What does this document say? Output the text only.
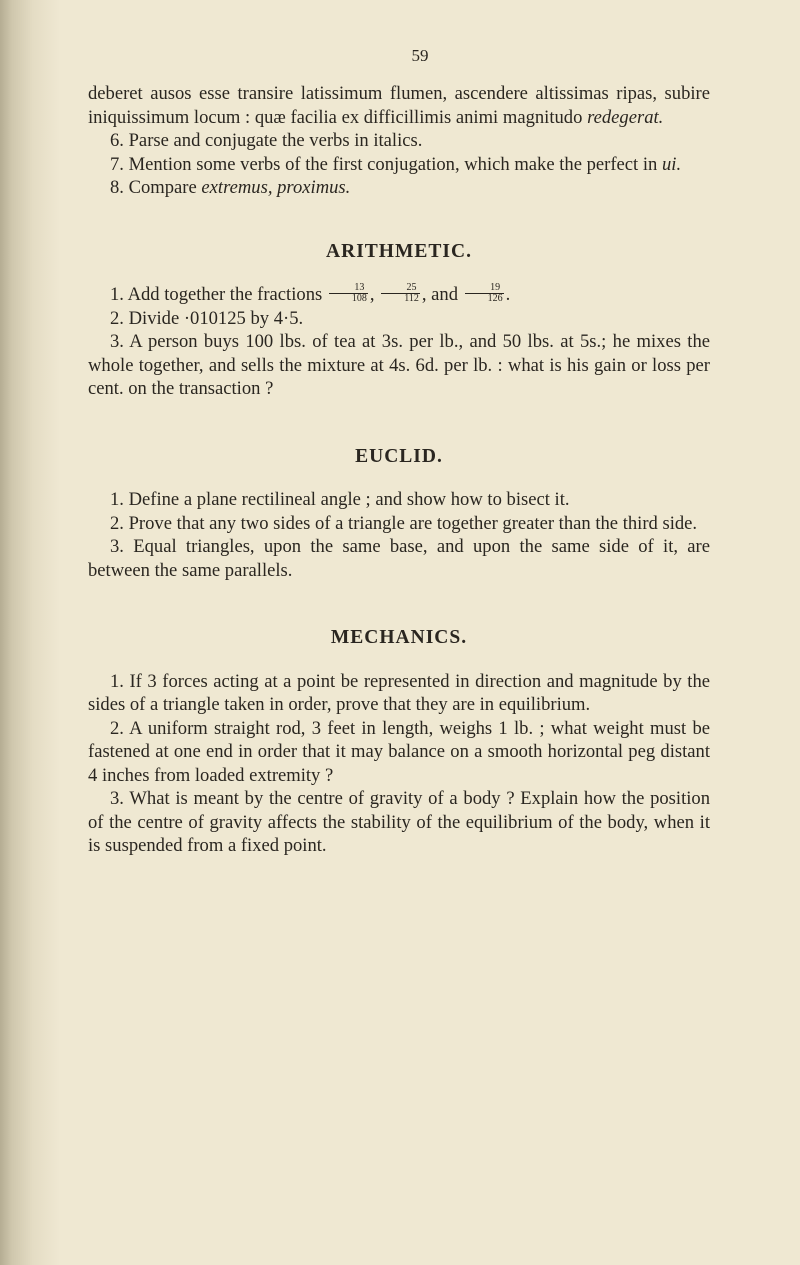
59

deberet ausos esse transire latissimum flumen, ascendere altissimas ripas, subire iniquissimum locum : quæ facilia ex difficillimis animi magnitudo redegerat.

6. Parse and conjugate the verbs in italics.

7. Mention some verbs of the first conjugation, which make the perfect in ui.

8. Compare extremus, proximus.

ARITHMETIC.

1. Add together the fractions $\frac{13}{108}$ , $\frac{25}{112}$ , and $\frac{19}{126}$ .

2. Divide ·010125 by 4·5.

3. A person buys 100 lbs. of tea at 3s. per lb., and 50 lbs. at 5s.; he mixes the whole together, and sells the mixture at 4s. 6d. per lb. : what is his gain or loss per cent. on the transaction ?

EUCLID.

1. Define a plane rectilineal angle ; and show how to bisect it.

2. Prove that any two sides of a triangle are together greater than the third side.

3. Equal triangles, upon the same base, and upon the same side of it, are between the same parallels.

MECHANICS.

1. If 3 forces acting at a point be represented in direction and magnitude by the sides of a triangle taken in order, prove that they are in equilibrium.

2. A uniform straight rod, 3 feet in length, weighs 1 lb. ; what weight must be fastened at one end in order that it may balance on a smooth horizontal peg distant 4 inches from loaded extremity ?

3. What is meant by the centre of gravity of a body ? Explain how the position of the centre of gravity affects the stability of the equilibrium of the body, when it is suspended from a fixed point.
